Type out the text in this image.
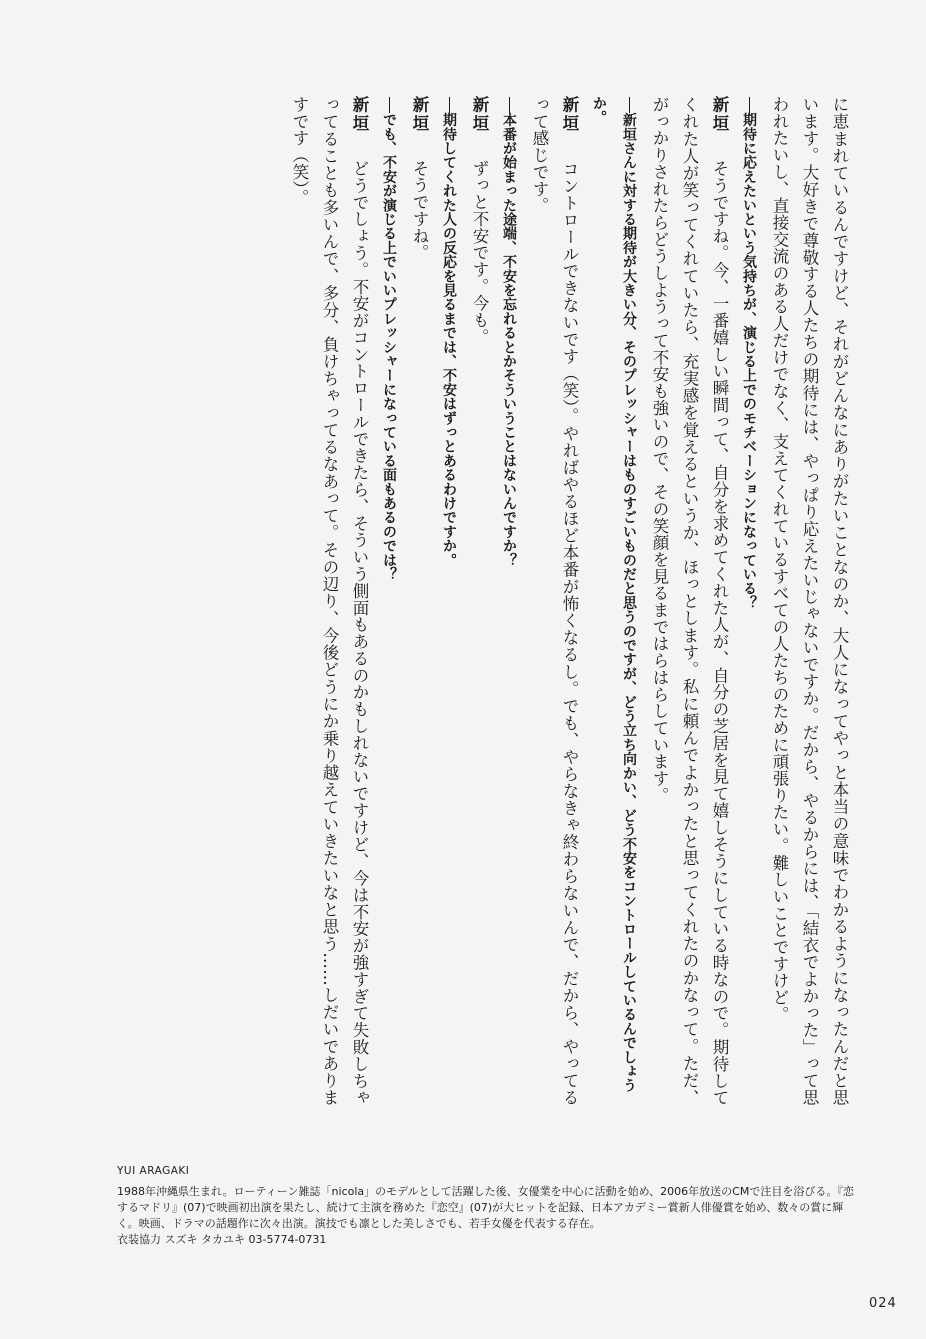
に恵まれているんですけど、それがどんなにありがたいことなのか、大人になってやっと本当の意味でわかるようになったんだと思います。大好きで尊敬する人たちの期待には、やっぱり応えたいじゃないですか。だから、やるからには、「結衣でよかった」って思われたいし、直接交流のある人だけでなく、支えてくれているすべての人たちのために頑張りたい。難しいことですけど。

期待に応えたいという気持ちが、演じる上でのモチベーションになっている？

新垣　そうですね。今、一番嬉しい瞬間って、自分を求めてくれた人が、自分の芝居を見て嬉しそうにしている時なので。期待してくれた人が笑ってくれていたら、充実感を覚えるというか、ほっとします。私に頼んでよかったと思ってくれたのかなって。ただ、がっかりされたらどうしようって不安も強いので、その笑顔を見るまではらはらしています。

新垣さんに対する期待が大きい分、そのプレッシャーはものすごいものだと思うのですが、どう立ち向かい、どう不安をコントロールしているんでしょうか。

新垣　コントロールできないです（笑）。やればやるほど本番が怖くなるし。でも、やらなきゃ終わらないんで、だから、やってるって感じです。

本番が始まった途端、不安を忘れるとかそういうことはないんですか？

新垣　ずっと不安です。今も。

期待してくれた人の反応を見るまでは、不安はずっとあるわけですか。

新垣　そうですね。

でも、不安が演じる上でいいプレッシャーになっている面もあるのでは？

新垣　どうでしょう。不安がコントロールできたら、そういう側面もあるのかもしれないですけど、今は不安が強すぎて失敗しちゃってることも多いんで、多分、負けちゃってるなあって。その辺り、今後どうにか乗り越えていきたいなと思う……しだいでありますです（笑）。

YUI ARAGAKI

1988年沖縄県生まれ。ローティーン雑誌「nicola」のモデルとして活躍した後、女優業を中心に活動を始め、2006年放送のCMで注目を浴びる。『恋するマドリ』(07)で映画初出演を果たし、続けて主演を務めた『恋空』(07)が大ヒットを記録、日本アカデミー賞新人俳優賞を始め、数々の賞に輝く。映画、ドラマの話題作に次々出演。演技でも凛とした美しさでも、若手女優を代表する存在。

衣装協力 スズキ タカユキ 03-5774-0731
024
